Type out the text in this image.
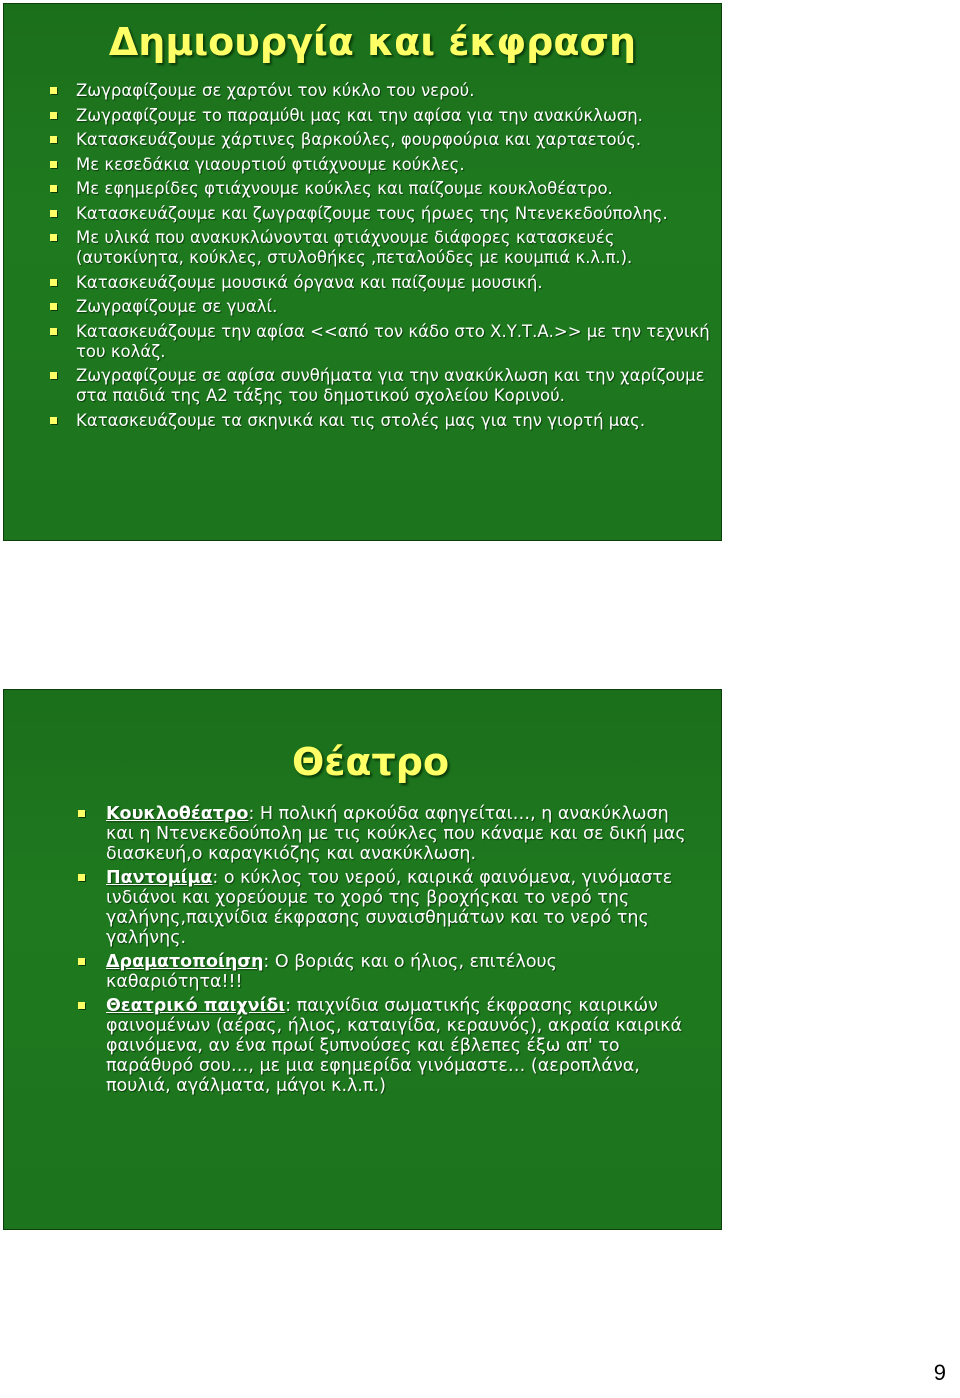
Δημιουργία και έκφραση
Ζωγραφίζουμε σε χαρτόνι τον κύκλο του νερού.
Ζωγραφίζουμε το παραμύθι μας και την αφίσα για την ανακύκλωση.
Κατασκευάζουμε χάρτινες βαρκούλες, φουρφούρια και χαρταετούς.
Με κεσεδάκια γιαουρτιού φτιάχνουμε κούκλες.
Με εφημερίδες φτιάχνουμε κούκλες και παίζουμε κουκλοθέατρο.
Κατασκευάζουμε και ζωγραφίζουμε τους ήρωες της Ντενεκεδούπολης.
Με υλικά που ανακυκλώνονται φτιάχνουμε διάφορες κατασκευές (αυτοκίνητα, κούκλες, στυλοθήκες ,πεταλούδες με κουμπιά κ.λ.π.).
Κατασκευάζουμε μουσικά όργανα και παίζουμε μουσική.
Ζωγραφίζουμε σε γυαλί.
Κατασκευάζουμε την αφίσα <<από τον κάδο στο Χ.Υ.Τ.Α.>> με την τεχνική του κολάζ.
Ζωγραφίζουμε σε αφίσα συνθήματα για την ανακύκλωση και την χαρίζουμε στα παιδιά της Α2 τάξης του δημοτικού σχολείου Κορινού.
Κατασκευάζουμε τα σκηνικά και τις στολές μας για την γιορτή μας.
Θέατρο
Κουκλοθέατρο: Η πολική αρκούδα αφηγείται…, η ανακύκλωση και η Ντενεκεδούπολη με τις κούκλες που κάναμε και σε δική μας διασκευή,ο καραγκιόζης και ανακύκλωση.
Παντομίμα: ο κύκλος του νερού, καιρικά φαινόμενα, γινόμαστε ινδιάνοι και χορεύουμε το χορό της βροχήςκαι το νερό της γαλήνης,παιχνίδια έκφρασης συναισθημάτων και το νερό της γαλήνης.
Δραματοποίηση: Ο βοριάς και ο ήλιος, επιτέλους καθαριότητα!!!
Θεατρικό παιχνίδι: παιχνίδια σωματικής έκφρασης καιρικών φαινομένων (αέρας, ήλιος, καταιγίδα, κεραυνός), ακραία καιρικά φαινόμενα, αν ένα πρωί ξυπνούσες και έβλεπες έξω απ' το παράθυρό σου…, με μια εφημερίδα γινόμαστε… (αεροπλάνα, πουλιά, αγάλματα, μάγοι κ.λ.π.)
9
